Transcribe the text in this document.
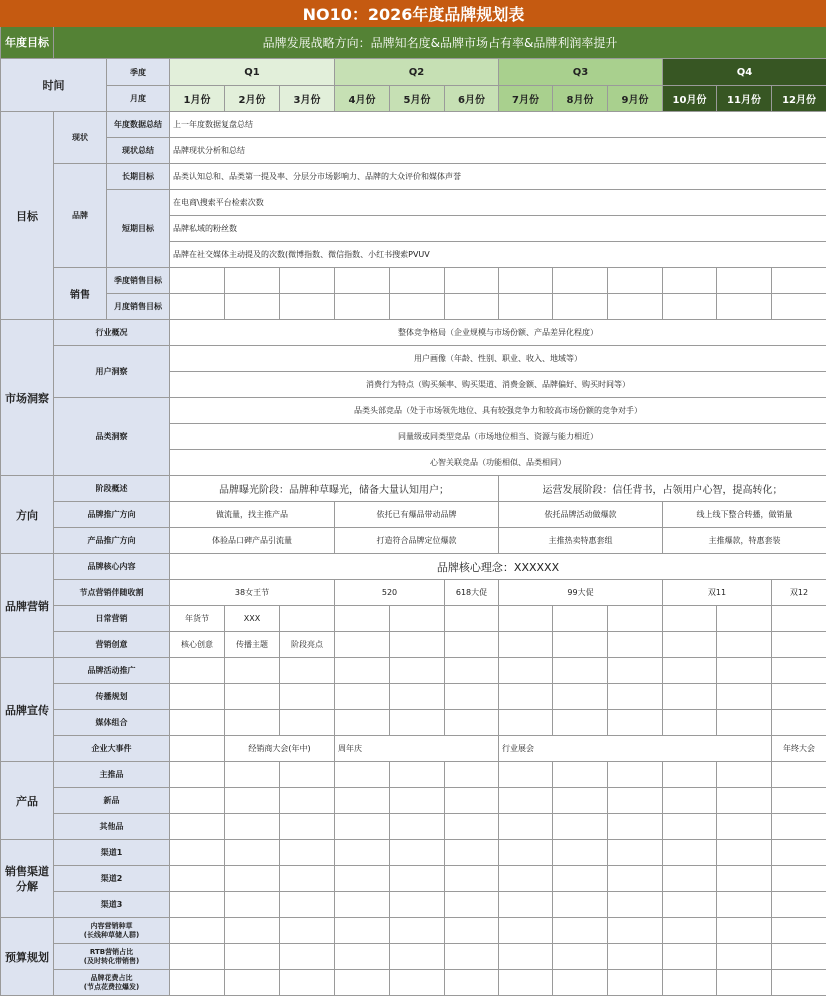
NO10：2026年度品牌规划表														
年度目标	品牌发展战略方向：品牌知名度&品牌市场占有率&品牌利润率提升													
时间		季度	Q1			Q2			Q3			Q4		
		月度	1月份	2月份	3月份	4月份	5月份	6月份	7月份	8月份	9月份	10月份	11月份	12月份
目标	现状	年度数据总结	上一年度数据复盘总结											
		现状总结	品牌现状分析和总结											
	品牌	长期目标	品类认知总和、品类第一提及率、分层分市场影响力、品牌的大众评价和媒体声誉											
		短期目标	在电商\搜索平台检索次数											
			品牌私域的粉丝数											
			品牌在社交媒体主动提及的次数(微博指数、微信指数、小红书搜索PVUV											
	销售	季度销售目标												
		月度销售目标												
市场洞察	行业概况		整体竞争格局（企业规模与市场份额、产品差异化程度）											
	用户洞察		用户画像（年龄、性别、职业、收入、地域等）											
			消费行为特点（购买频率、购买渠道、消费金额、品牌偏好、购买时间等）											
	品类洞察		品类头部竞品（处于市场领先地位、具有较强竞争力和较高市场份额的竞争对手）											
			同量级或同类型竞品（市场地位相当、资源与能力相近）											
			心智关联竞品（功能相似、品类相同）											
方向	阶段概述		品牌曝光阶段：品牌种草曝光，储备大量认知用户；						运营发展阶段：信任背书，占领用户心智，提高转化；					
	品牌推广方向		做流量，找主推产品			依托已有爆品带动品牌			依托品牌活动做爆款			线上线下整合转播，做销量		
	产品推广方向		体验品口碑产品引流量			打造符合品牌定位爆款			主推热卖特惠套组			主推爆款，特惠套装		
品牌营销	品牌核心内容		品牌核心理念：XXXXXX											
	节点营销伴随收割		38女王节			520		618大促	99大促			双11		双12
	日常营销		年货节	XXX										
	营销创意		核心创意	传播主题	阶段亮点									
品牌宣传	品牌活动推广													
	传播规划													
	媒体组合													
	企业大事件			经销商大会(年中)		周年庆			行业展会					年终大会
产品	主推品													
	新品													
	其他品													
销售渠道分解	渠道1													
	渠道2													
	渠道3													
预算规划	内容营销种草
(长线种草储人群)													
	RTB营销占比
(及时转化带销售)													
	品牌花费占比
(节点花费拉爆发)													
